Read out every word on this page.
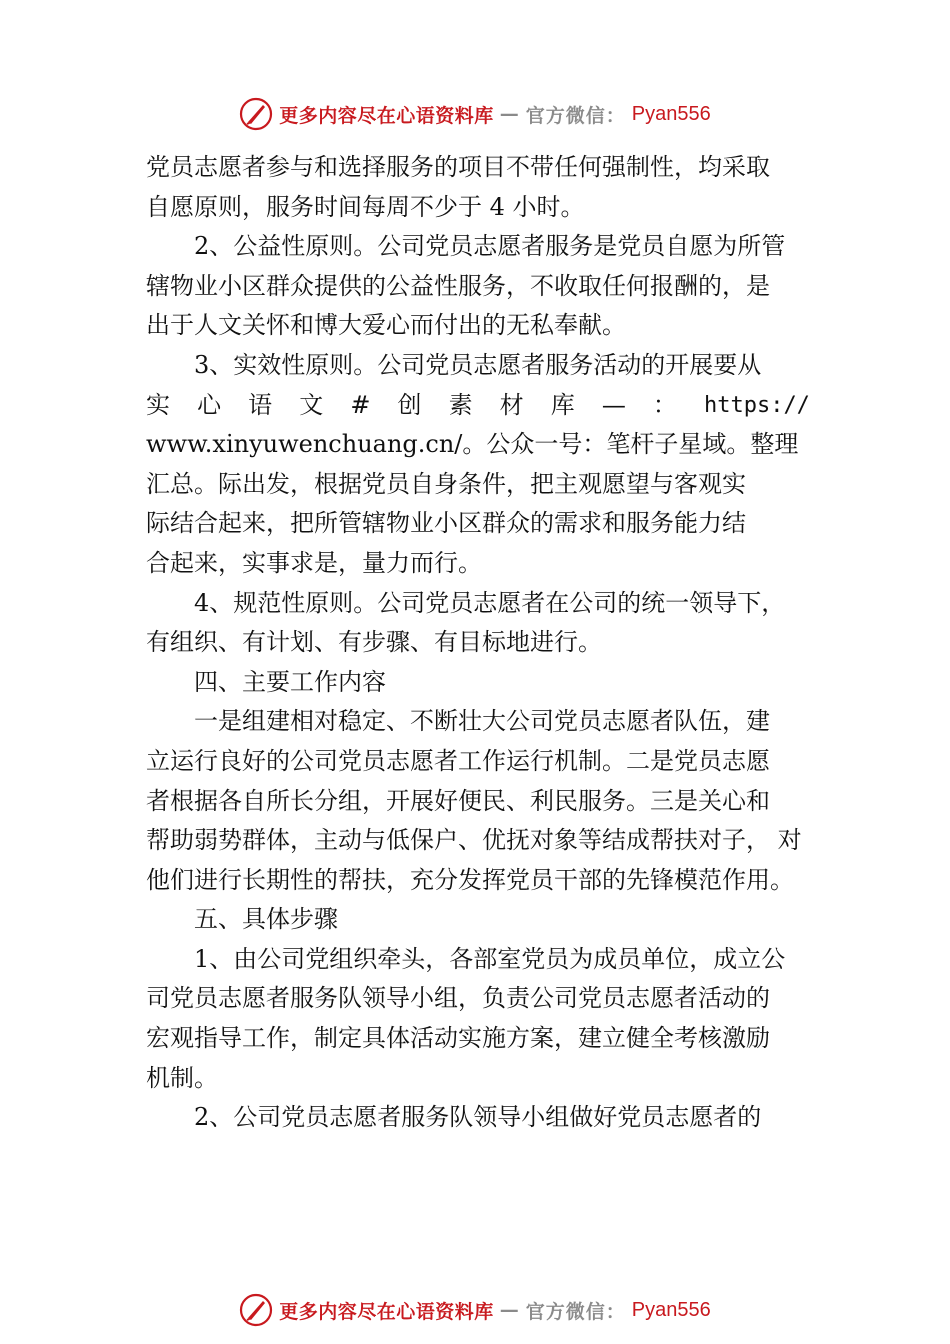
更多内容尽在心语资料库 — 官方微信： Pyan556
党员志愿者参与和选择服务的项目不带任何强制性，均采取
自愿原则，服务时间每周不少于 4 小时。
2、公益性原则。公司党员志愿者服务是党员自愿为所管
辖物业小区群众提供的公益性服务，不收取任何报酬的，是
出于人文关怀和博大爱心而付出的无私奉献。
3、实效性原则。公司党员志愿者服务活动的开展要从
实 心 语 文 # 创 素 材 库 — ： https://
www.xinyuwenchuang.cn/。公众一号：笔杆子星域。整理
汇总。际出发，根据党员自身条件，把主观愿望与客观实
际结合起来，把所管辖物业小区群众的需求和服务能力结
合起来，实事求是，量力而行。
4、规范性原则。公司党员志愿者在公司的统一领导下，
有组织、有计划、有步骤、有目标地进行。
四、主要工作内容
一是组建相对稳定、不断壮大公司党员志愿者队伍，建
立运行良好的公司党员志愿者工作运行机制。二是党员志愿
者根据各自所长分组，开展好便民、利民服务。三是关心和
帮助弱势群体，主动与低保户、优抚对象等结成帮扶对子， 对
他们进行长期性的帮扶，充分发挥党员干部的先锋模范作用。
五、具体步骤
1、由公司党组织牵头，各部室党员为成员单位，成立公
司党员志愿者服务队领导小组，负责公司党员志愿者活动的
宏观指导工作，制定具体活动实施方案，建立健全考核激励
机制。
2、公司党员志愿者服务队领导小组做好党员志愿者的
更多内容尽在心语资料库 — 官方微信： Pyan556
